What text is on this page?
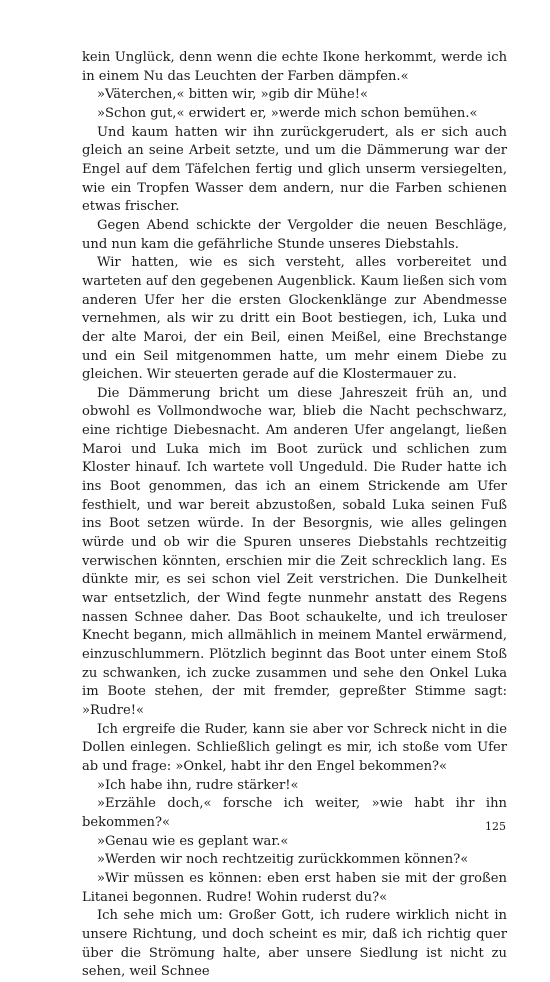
kein Unglück, denn wenn die echte Ikone herkommt, werde ich in einem Nu das Leuchten der Farben dämpfen.«

»Väterchen,« bitten wir, »gib dir Mühe!«

»Schon gut,« erwidert er, »werde mich schon bemühen.«

Und kaum hatten wir ihn zurückgerudert, als er sich auch gleich an seine Arbeit setzte, und um die Dämmerung war der Engel auf dem Täfelchen fertig und glich unserm versiegelten, wie ein Tropfen Wasser dem andern, nur die Farben schienen etwas frischer.

Gegen Abend schickte der Vergolder die neuen Beschläge, und nun kam die gefährliche Stunde unseres Diebstahls.

Wir hatten, wie es sich versteht, alles vorbereitet und warteten auf den gegebenen Augenblick. Kaum ließen sich vom anderen Ufer her die ersten Glockenklänge zur Abendmesse vernehmen, als wir zu dritt ein Boot bestiegen, ich, Luka und der alte Maroi, der ein Beil, einen Meißel, eine Brechstange und ein Seil mitgenommen hatte, um mehr einem Diebe zu gleichen. Wir steuerten gerade auf die Klostermauer zu.

Die Dämmerung bricht um diese Jahreszeit früh an, und obwohl es Vollmondwoche war, blieb die Nacht pechschwarz, eine richtige Diebesnacht. Am anderen Ufer angelangt, ließen Maroi und Luka mich im Boot zurück und schlichen zum Kloster hinauf. Ich wartete voll Ungeduld. Die Ruder hatte ich ins Boot genommen, das ich an einem Strickende am Ufer festhielt, und war bereit abzustoßen, sobald Luka seinen Fuß ins Boot setzen würde. In der Besorgnis, wie alles gelingen würde und ob wir die Spuren unseres Diebstahls rechtzeitig verwischen könnten, erschien mir die Zeit schrecklich lang. Es dünkte mir, es sei schon viel Zeit verstrichen. Die Dunkelheit war entsetzlich, der Wind fegte nunmehr anstatt des Regens nassen Schnee daher. Das Boot schaukelte, und ich treuloser Knecht begann, mich allmählich in meinem Mantel erwärmend, einzuschlummern. Plötzlich beginnt das Boot unter einem Stoß zu schwanken, ich zucke zusammen und sehe den Onkel Luka im Boote stehen, der mit fremder, gepreßter Stimme sagt: »Rudre!«

Ich ergreife die Ruder, kann sie aber vor Schreck nicht in die Dollen einlegen. Schließlich gelingt es mir, ich stoße vom Ufer ab und frage: »Onkel, habt ihr den Engel bekommen?«

»Ich habe ihn, rudre stärker!«

»Erzähle doch,« forsche ich weiter, »wie habt ihr ihn bekommen?«

»Genau wie es geplant war.«

»Werden wir noch rechtzeitig zurückkommen können?«

»Wir müssen es können: eben erst haben sie mit der großen Litanei begonnen. Rudre! Wohin ruderst du?«

Ich sehe mich um: Großer Gott, ich rudere wirklich nicht in unsere Richtung, und doch scheint es mir, daß ich richtig quer über die Strömung halte, aber unsere Siedlung ist nicht zu sehen, weil Schnee

125
